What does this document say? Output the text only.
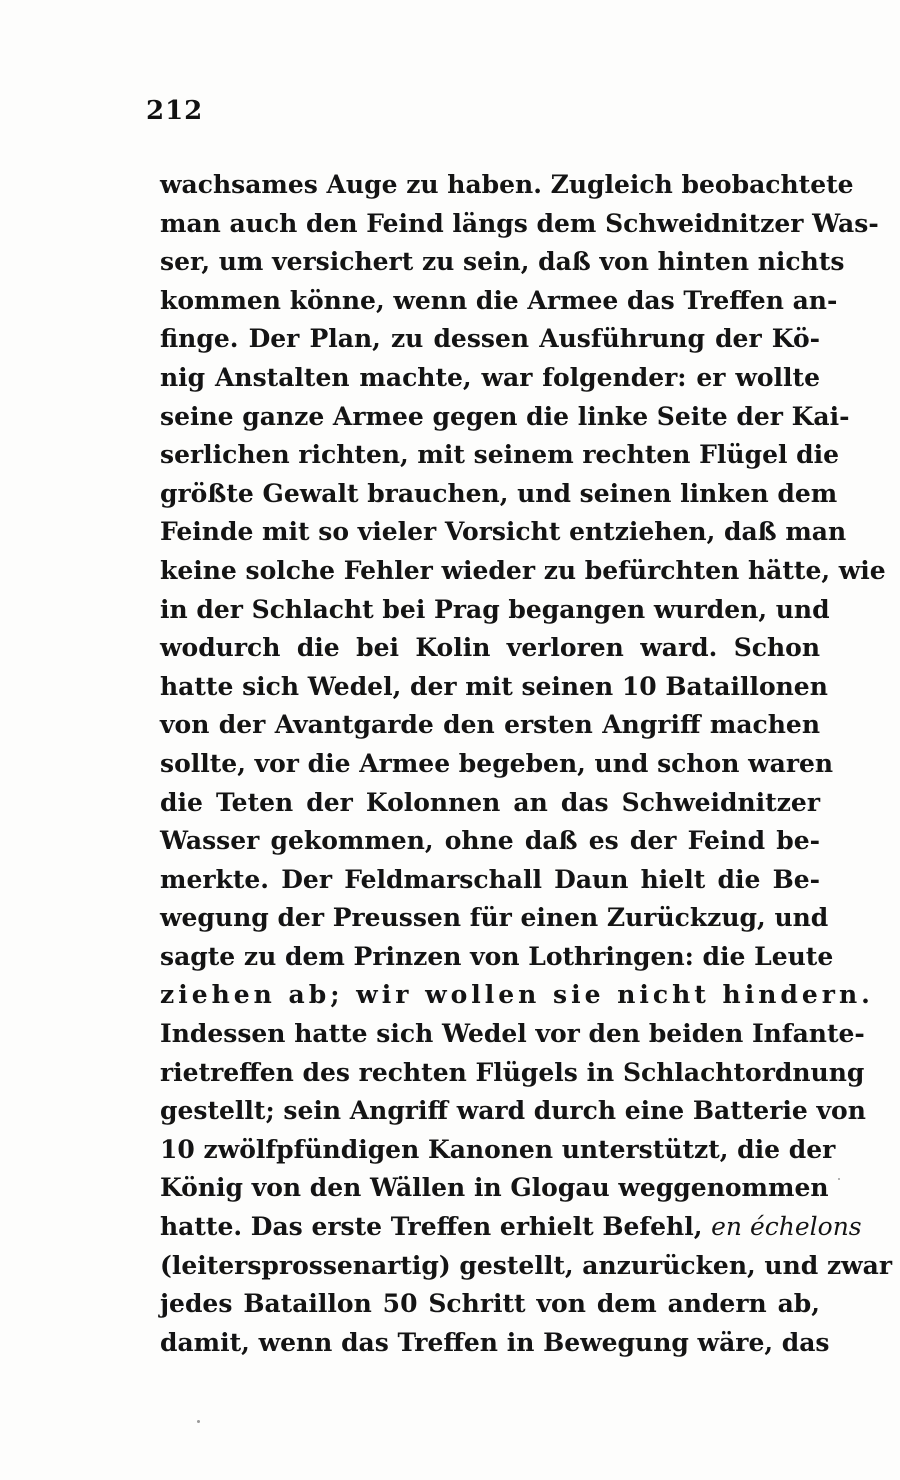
212
wachsames Auge zu haben. Zugleich beobachtete
man auch den Feind längs dem Schweidnitzer Was-
ser, um versichert zu sein, daß von hinten nichts
kommen könne, wenn die Armee das Treffen an-
finge. Der Plan, zu dessen Ausführung der Kö-
nig Anstalten machte, war folgender: er wollte
seine ganze Armee gegen die linke Seite der Kai-
serlichen richten, mit seinem rechten Flügel die
größte Gewalt brauchen, und seinen linken dem
Feinde mit so vieler Vorsicht entziehen, daß man
keine solche Fehler wieder zu befürchten hätte, wie
in der Schlacht bei Prag begangen wurden, und
wodurch die bei Kolin verloren ward. Schon
hatte sich Wedel, der mit seinen 10 Bataillonen
von der Avantgarde den ersten Angriff machen
sollte, vor die Armee begeben, und schon waren
die Teten der Kolonnen an das Schweidnitzer
Wasser gekommen, ohne daß es der Feind be-
merkte. Der Feldmarschall Daun hielt die Be-
wegung der Preussen für einen Zurückzug, und
sagte zu dem Prinzen von Lothringen: die Leute
ziehen ab; wir wollen sie nicht hindern.
Indessen hatte sich Wedel vor den beiden Infante-
rietreffen des rechten Flügels in Schlachtordnung
gestellt; sein Angriff ward durch eine Batterie von
10 zwölfpfündigen Kanonen unterstützt, die der
König von den Wällen in Glogau weggenommen
hatte. Das erste Treffen erhielt Befehl, en échelons
(leitersprossenartig) gestellt, anzurücken, und zwar
jedes Bataillon 50 Schritt von dem andern ab,
damit, wenn das Treffen in Bewegung wäre, das
